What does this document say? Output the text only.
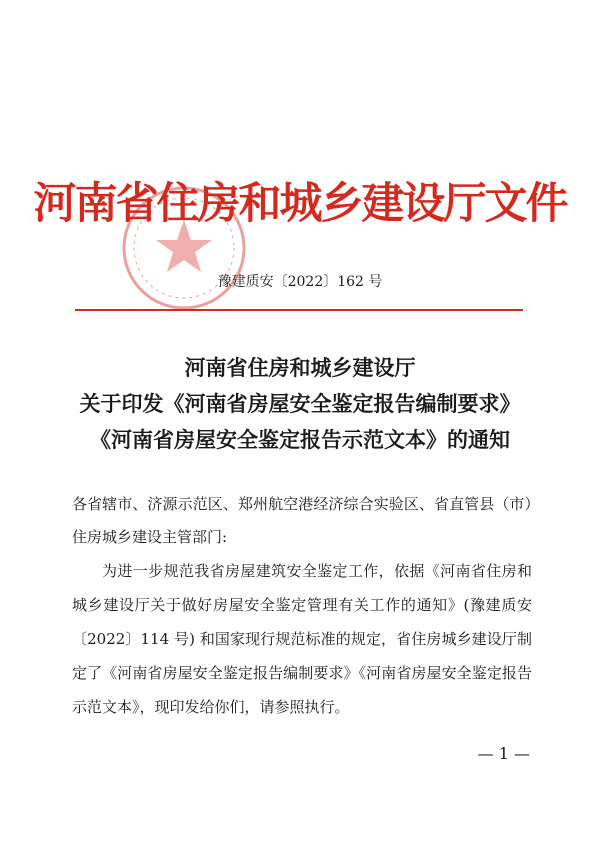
河南省住房和城乡建设厅文件
豫建质安〔2022〕162 号
河南省住房和城乡建设厅
关于印发《河南省房屋安全鉴定报告编制要求》
《河南省房屋安全鉴定报告示范文本》的通知
各省辖市、济源示范区、郑州航空港经济综合实验区、省直管县（市）住房城乡建设主管部门:
为进一步规范我省房屋建筑安全鉴定工作，依据《河南省住房和城乡建设厅关于做好房屋安全鉴定管理有关工作的通知》(豫建质安〔2022〕114 号) 和国家现行规范标准的规定，省住房城乡建设厅制定了《河南省房屋安全鉴定报告编制要求》《河南省房屋安全鉴定报告示范文本》，现印发给你们，请参照执行。
— 1 —
